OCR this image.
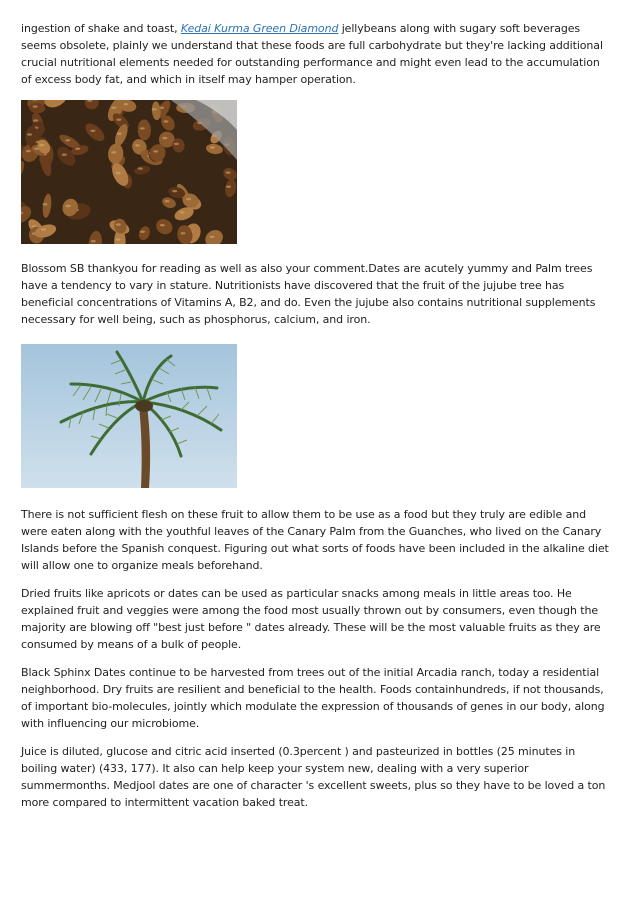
ingestion of shake and toast, Kedai Kurma Green Diamond jellybeans along with sugary soft beverages seems obsolete, plainly we understand that these foods are full carbohydrate but they're lacking additional crucial nutritional elements needed for outstanding performance and might even lead to the accumulation of excess body fat, and which in itself may hamper operation.

Blossom SB thankyou for reading as well as also your comment.Dates are acutely yummy and Palm trees have a tendency to vary in stature. Nutritionists have discovered that the fruit of the jujube tree has beneficial concentrations of Vitamins A, B2, and do. Even the jujube also contains nutritional supplements necessary for well being, such as phosphorus, calcium, and iron.

There is not sufficient flesh on these fruit to allow them to be use as a food but they truly are edible and were eaten along with the youthful leaves of the Canary Palm from the Guanches, who lived on the Canary Islands before the Spanish conquest. Figuring out what sorts of foods have been included in the alkaline diet will allow one to organize meals beforehand.

Dried fruits like apricots or dates can be used as particular snacks among meals in little areas too. He explained fruit and veggies were among the food most usually thrown out by consumers, even though the majority are blowing off "best just before " dates already. These will be the most valuable fruits as they are consumed by means of a bulk of people.

Black Sphinx Dates continue to be harvested from trees out of the initial Arcadia ranch, today a residential neighborhood. Dry fruits are resilient and beneficial to the health. Foods containhundreds, if not thousands, of important bio-molecules, jointly which modulate the expression of thousands of genes in our body, along with influencing our microbiome.

Juice is diluted, glucose and citric acid inserted (0.3percent ) and pasteurized in bottles (25 minutes in boiling water) (433, 177). It also can help keep your system new, dealing with a very superior summermonths. Medjool dates are one of character 's excellent sweets, plus so they have to be loved a ton more compared to intermittent vacation baked treat.
